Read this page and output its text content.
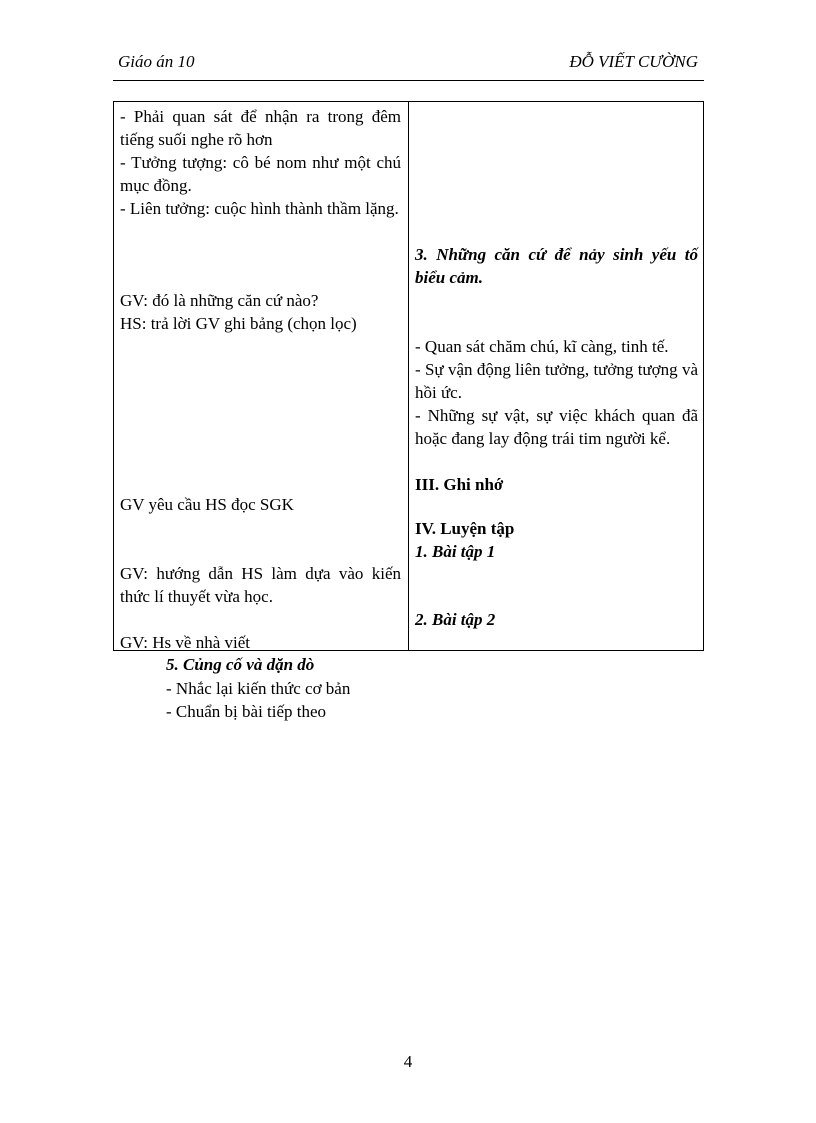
Giáo án 10	ĐỖ VIẾT CƯỜNG
- Phải quan sát để nhận ra trong đêm tiếng suối nghe rõ hơn
- Tưởng tượng: cô bé nom như một chú mục đồng.
- Liên tưởng: cuộc hình thành thầm lặng.
GV: đó là những căn cứ nào?
HS: trả lời GV ghi bảng (chọn lọc)
GV yêu cầu HS đọc SGK
GV: hướng dẫn HS làm dựa vào kiến thức lí thuyết vừa học.
GV: Hs về nhà viết
3. Những căn cứ để nảy sinh yếu tố biểu cảm.
- Quan sát chăm chú, kĩ càng, tinh tế.
- Sự vận động liên tưởng, tưởng tượng và hồi ức.
- Những sự vật, sự việc khách quan đã hoặc đang lay động trái tim người kể.
III. Ghi nhớ
IV. Luyện tập
1. Bài tập 1
2. Bài tập 2
5. Củng cố và dặn dò
- Nhắc lại kiến thức cơ bản
- Chuẩn bị bài tiếp theo
4
